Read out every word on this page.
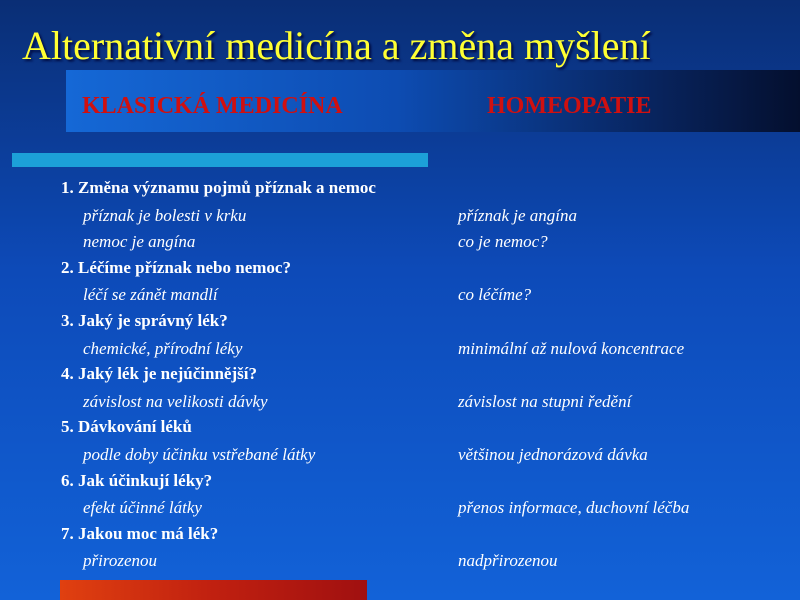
Alternativní medicína a změna myšlení
KLASICKÁ MEDICÍNA	HOMEOPATIE
1. Změna významu pojmů příznak a nemoc
příznak je bolesti v krku	příznak je angína
nemoc je angína	co je nemoc?
2. Léčíme příznak nebo nemoc?
léčí se zánět mandlí	co léčíme?
3. Jaký je správný lék?
chemické, přírodní léky	minimální až nulová koncentrace
4. Jaký lék je nejúčinnější?
závislost na velikosti dávky	závislost na stupni ředění
5. Dávkování léků
podle doby účinku vstřebané látky	většinou jednorázová dávka
6. Jak účinkují léky?
efekt účinné látky	přenos informace, duchovní léčba
7. Jakou moc má lék?
přirozenou	nadpřirozenou
